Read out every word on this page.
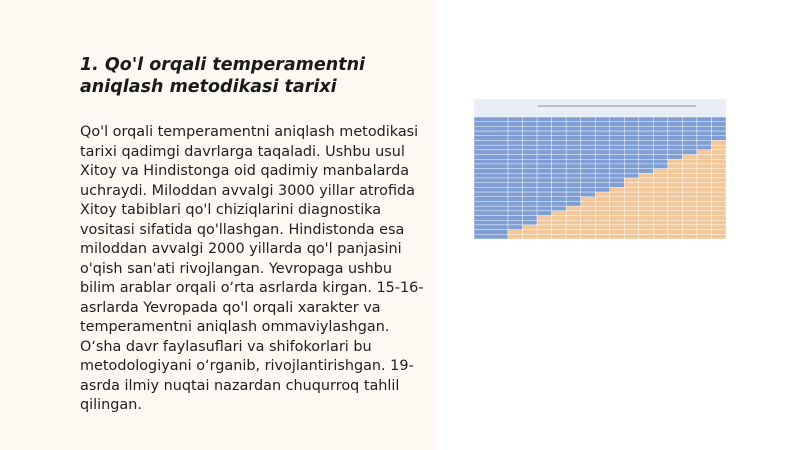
1. Qo'l orqali temperamentni aniqlash metodikasi tarixi

Qo'l orqali temperamentni aniqlash metodikasi tarixi qadimgi davrlarga taqaladi. Ushbu usul Xitoy va Hindistonga oid qadimiy manbalarda uchraydi. Miloddan avvalgi 3000 yillar atrofida Xitoy tabiblari qo'l chiziqlarini diagnostika vositasi sifatida qo'llashgan. Hindistonda esa miloddan avvalgi 2000 yillarda qo'l panjasini o'qish san'ati rivojlangan. Yevropaga ushbu bilim arablar orqali o‘rta asrlarda kirgan. 15-16-asrlarda Yevropada qo'l orqali xarakter va temperamentni aniqlash ommaviylashgan. O‘sha davr faylasuflari va shifokorlari bu metodologiyani o‘rganib, rivojlantirishgan. 19-asrda ilmiy nuqtai nazardan chuqurroq tahlil qilingan.
